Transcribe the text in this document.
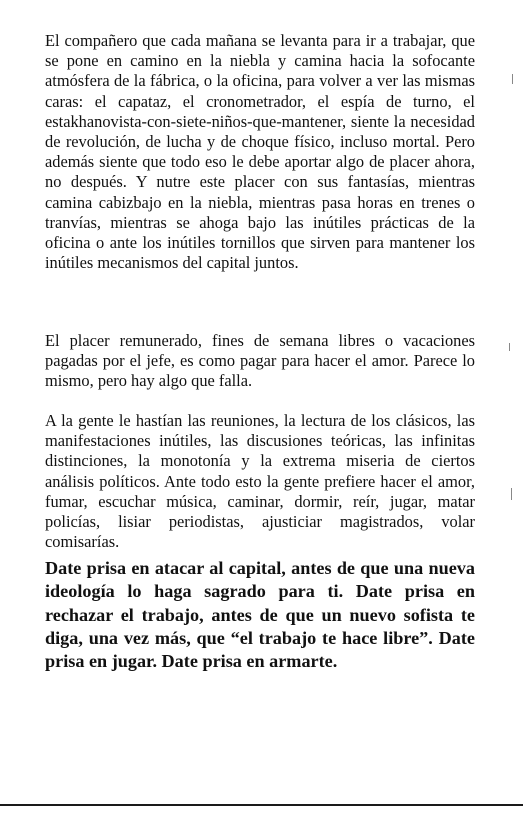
El compañero que cada mañana se levanta para ir a trabajar, que se pone en camino en la niebla y camina hacia la sofocante atmósfera de la fábrica, o la oficina, para volver a ver las mismas caras: el capataz, el cronometrador, el espía de turno, el estakhanovista-con-siete-niños-que-mantener, siente la necesidad de revolución, de lucha y de choque físico, incluso mortal. Pero además siente que todo eso le debe aportar algo de placer ahora, no después. Y nutre este placer con sus fantasías, mientras camina cabizbajo en la niebla, mientras pasa horas en trenes o tranvías, mientras se ahoga bajo las inútiles prácticas de la oficina o ante los inútiles tornillos que sirven para mantener los inútiles mecanismos del capital juntos.

El placer remunerado, fines de semana libres o vacaciones pagadas por el jefe, es como pagar para hacer el amor. Parece lo mismo, pero hay algo que falla.

A la gente le hastían las reuniones, la lectura de los clásicos, las manifestaciones inútiles, las discusiones teóricas, las infinitas distinciones, la monotonía y la extrema miseria de ciertos análisis políticos. Ante todo esto la gente prefiere hacer el amor, fumar, escuchar música, caminar, dormir, reír, jugar, matar policías, lisiar periodistas, ajusticiar magistrados, volar comisarías.

Date prisa en atacar al capital, antes de que una nueva ideología lo haga sagrado para ti. Date prisa en rechazar el trabajo, antes de que un nuevo sofista te diga, una vez más, que “el trabajo te hace libre”. Date prisa en jugar. Date prisa en armarte.
